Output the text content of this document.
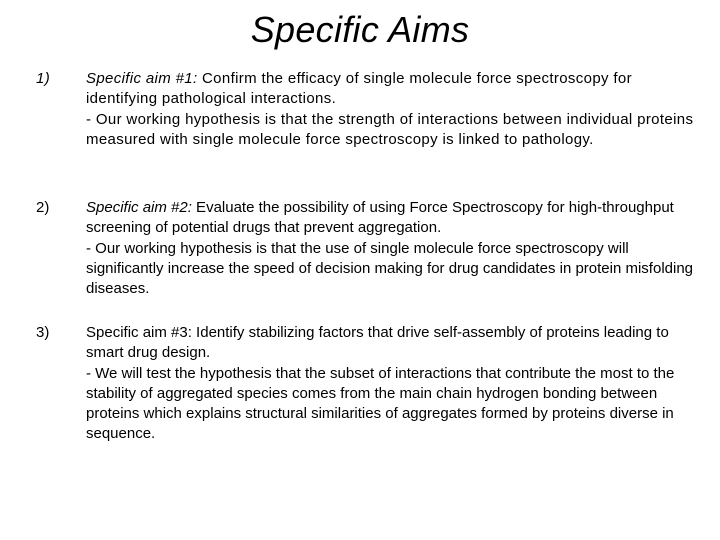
Specific Aims
1) Specific aim #1: Confirm the efficacy of single molecule force spectroscopy for identifying pathological interactions.

- Our working hypothesis is that the strength of interactions between individual proteins measured with single molecule force spectroscopy is linked to pathology.

2) Specific aim #2: Evaluate the possibility of using Force Spectroscopy for high-throughput screening of potential drugs that prevent aggregation.

- Our working hypothesis is that the use of single molecule force spectroscopy will significantly increase the speed of decision making for drug candidates in protein misfolding diseases.

3) Specific aim #3: Identify stabilizing factors that drive self-assembly of proteins leading to smart drug design.

- We will test the hypothesis that the subset of interactions that contribute the most to the stability of aggregated species comes from the main chain hydrogen bonding between proteins which explains structural similarities of aggregates formed by proteins diverse in sequence.
